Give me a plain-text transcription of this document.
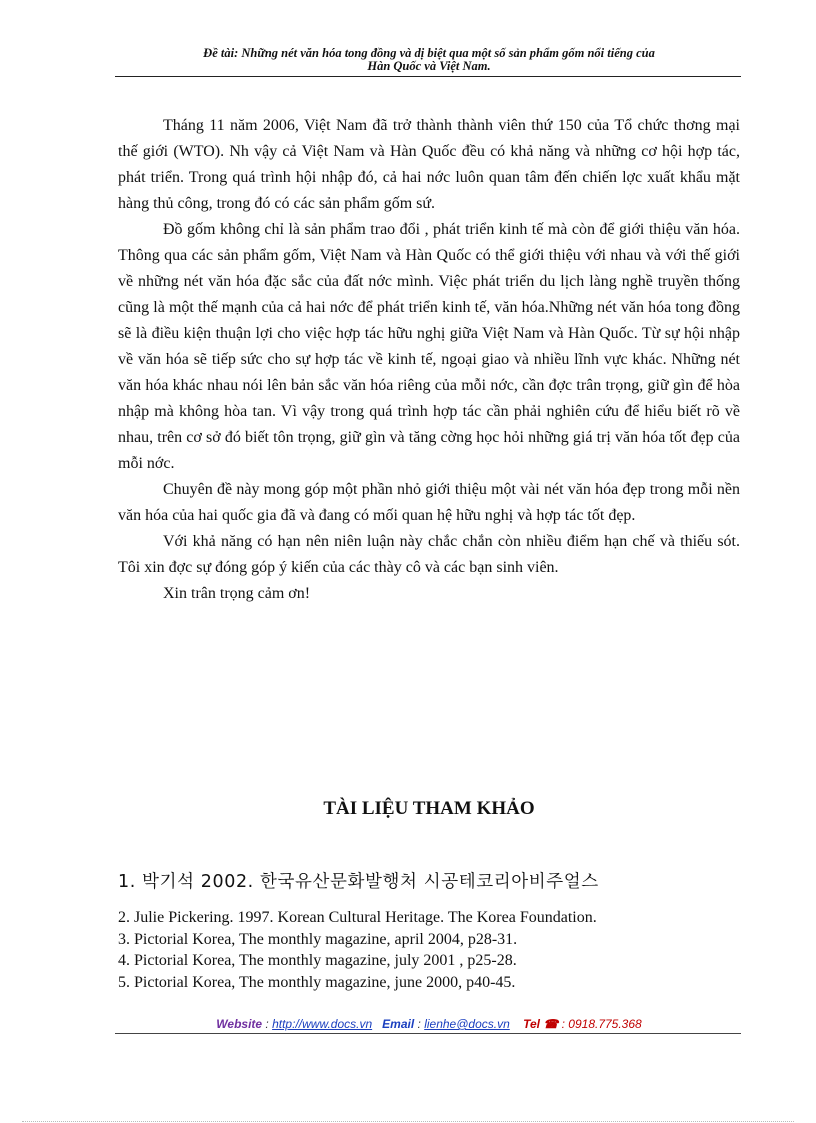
Đề tài: Những nét văn hóa tong đồng và dị biệt qua một số sản phẩm gốm nổi tiếng của
Hàn Quốc và Việt Nam.

Tháng 11 năm 2006, Việt Nam đã trở thành thành viên thứ 150 của Tổ chức thơng mại thế giới (WTO). Nh vậy cả Việt Nam và Hàn Quốc đều có khả năng và những cơ hội hợp tác, phát triển. Trong quá trình hội nhập đó, cả hai nớc luôn quan tâm đến chiến lợc xuất khẩu mặt hàng thủ công, trong đó có các sản phẩm gốm sứ.

Đồ gốm không chỉ là sản phẩm trao đổi , phát triển kinh tế mà còn để giới thiệu văn hóa. Thông qua các sản phẩm gốm, Việt Nam và Hàn Quốc có thể giới thiệu với nhau và với thế giới về những nét văn hóa đặc sắc của đất nớc mình. Việc phát triển du lịch làng nghề truyền thống cũng là một thế mạnh của cả hai nớc để phát triển kinh tế, văn hóa.Những nét văn hóa tong đồng sẽ là điều kiện thuận lợi cho việc hợp tác hữu nghị giữa Việt Nam và Hàn Quốc. Từ sự hội nhập về văn hóa sẽ tiếp sức cho sự hợp tác về kinh tế, ngoại giao và nhiều lĩnh vực khác. Những nét văn hóa khác nhau nói lên bản sắc văn hóa riêng của mỗi nớc, cần đợc trân trọng, giữ gìn để hòa nhập mà không hòa tan. Vì vậy trong quá trình hợp tác cần phải nghiên cứu để hiểu biết rõ về nhau, trên cơ sở đó biết tôn trọng, giữ gìn và tăng cờng học hỏi những giá trị văn hóa tốt đẹp của mỗi nớc.

Chuyên đề này mong góp một phần nhỏ giới thiệu một vài nét văn hóa đẹp trong mỗi nền văn hóa của hai quốc gia đã và đang có mối quan hệ hữu nghị và hợp tác tốt đẹp.

Với khả năng có hạn nên niên luận này chắc chắn còn nhiều điểm hạn chế và thiếu sót. Tôi xin đợc sự đóng góp ý kiến của các thày cô và các bạn sinh viên.

Xin trân trọng cảm ơn!

TÀI LIỆU THAM KHẢO
1. 박기석 2002. 한국유산문화발행처 시공테코리아비주얼스
2. Julie Pickering. 1997. Korean Cultural Heritage. The Korea Foundation.
3. Pictorial Korea, The monthly magazine, april 2004, p28-31.
4. Pictorial Korea, The monthly magazine, july 2001 , p25-28.
5. Pictorial Korea, The monthly magazine, june 2000, p40-45.
Website : http://www.docs.vn Email : lienhe@docs.vn Tel ☎ : 0918.775.368
